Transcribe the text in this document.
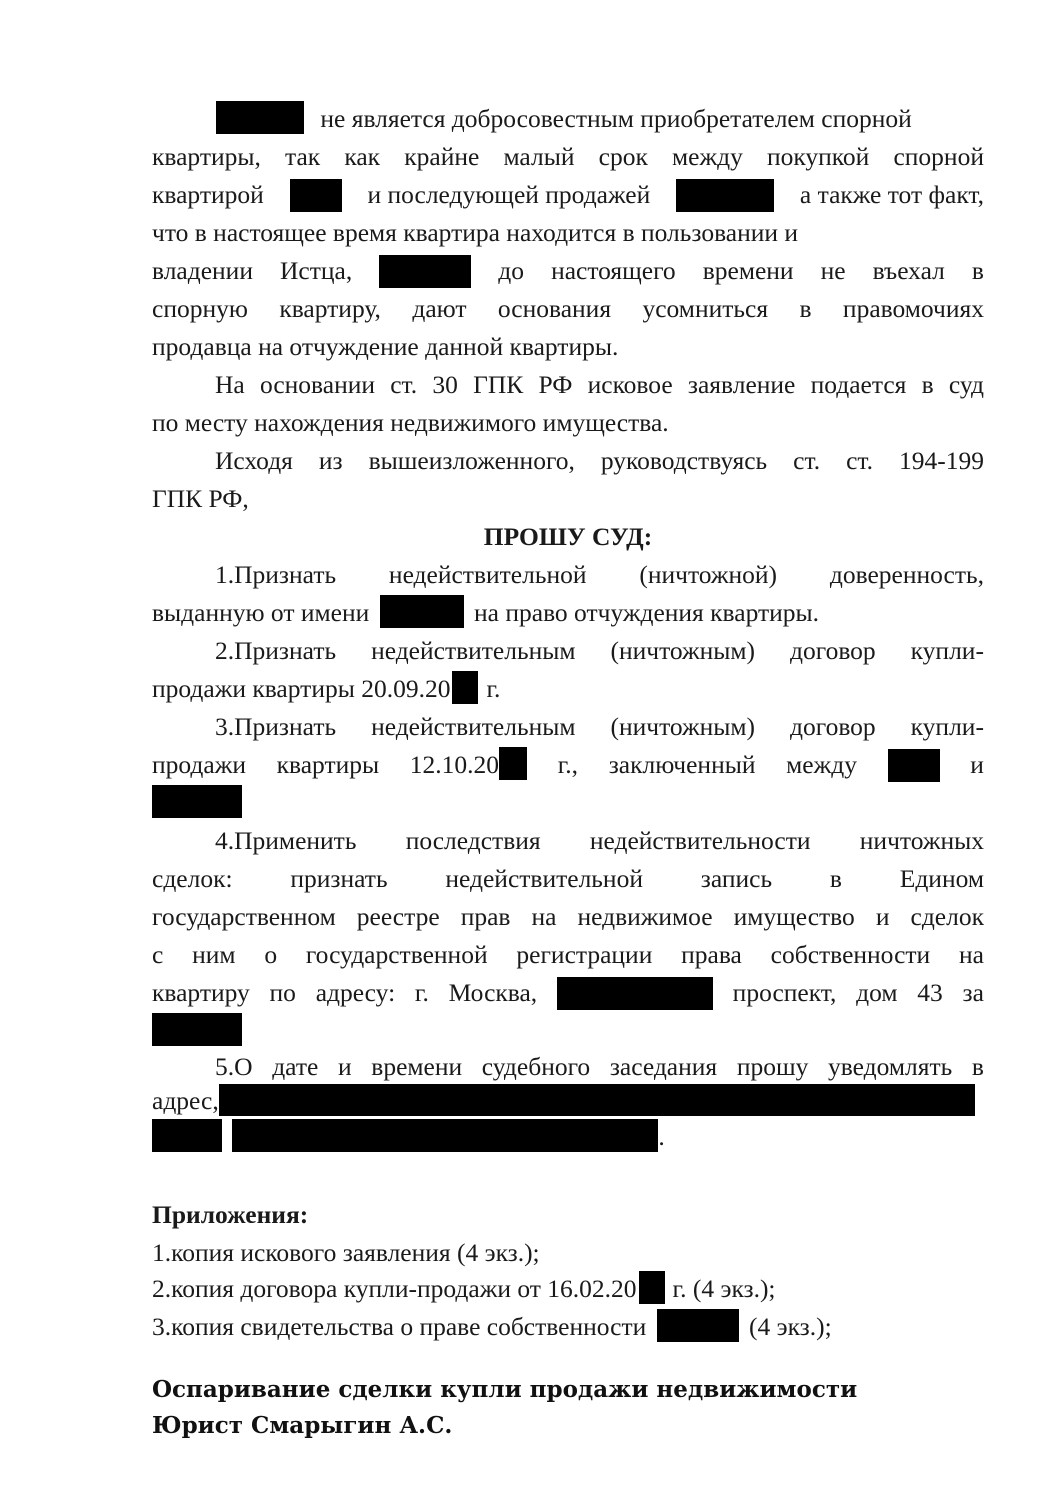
не является добросовестным приобретателем спорной
квартиры, так как крайне малый срок между покупкой спорной
квартирой	и последующей продажей	а также тот факт,
что в настоящее время квартира находится в пользовании и
владении Истца,	до настоящего времени не въехал в
спорную квартиру, дают основания усомниться в правомочиях
продавца на отчуждение данной квартиры.
На основании ст. 30 ГПК РФ исковое заявление подается в суд
по месту нахождения недвижимого имущества.
Исходя из вышеизложенного, руководствуясь ст. ст. 194-199
ГПК РФ,
ПРОШУ СУД:
1.Признать недействительной (ничтожной) доверенность,
выданную от имени	на право отчуждения квартиры.
2.Признать недействительным (ничтожным) договор купли-
продажи квартиры 20.09.20 г.
3.Признать недействительным (ничтожным) договор купли-
продажи квартиры 12.10.20	г., заключенный между	и
4.Применить последствия недействительности ничтожных
сделок: признать недействительной запись в Едином
государственном реестре прав на недвижимое имущество и сделок
с ним о государственной регистрации права собственности на
квартиру по адресу: г. Москва,	проспект, дом 43 за
5.О дате и времени судебного заседания прошу уведомлять в
адрес,
.
Приложения:
1.копия искового заявления (4 экз.);
2.копия договора купли-продажи от 16.02.20 г. (4 экз.);
3.копия свидетельства о праве собственности	(4 экз.);
Оспаривание сделки купли продажи недвижимости
Юрист Смарыгин А.С.
